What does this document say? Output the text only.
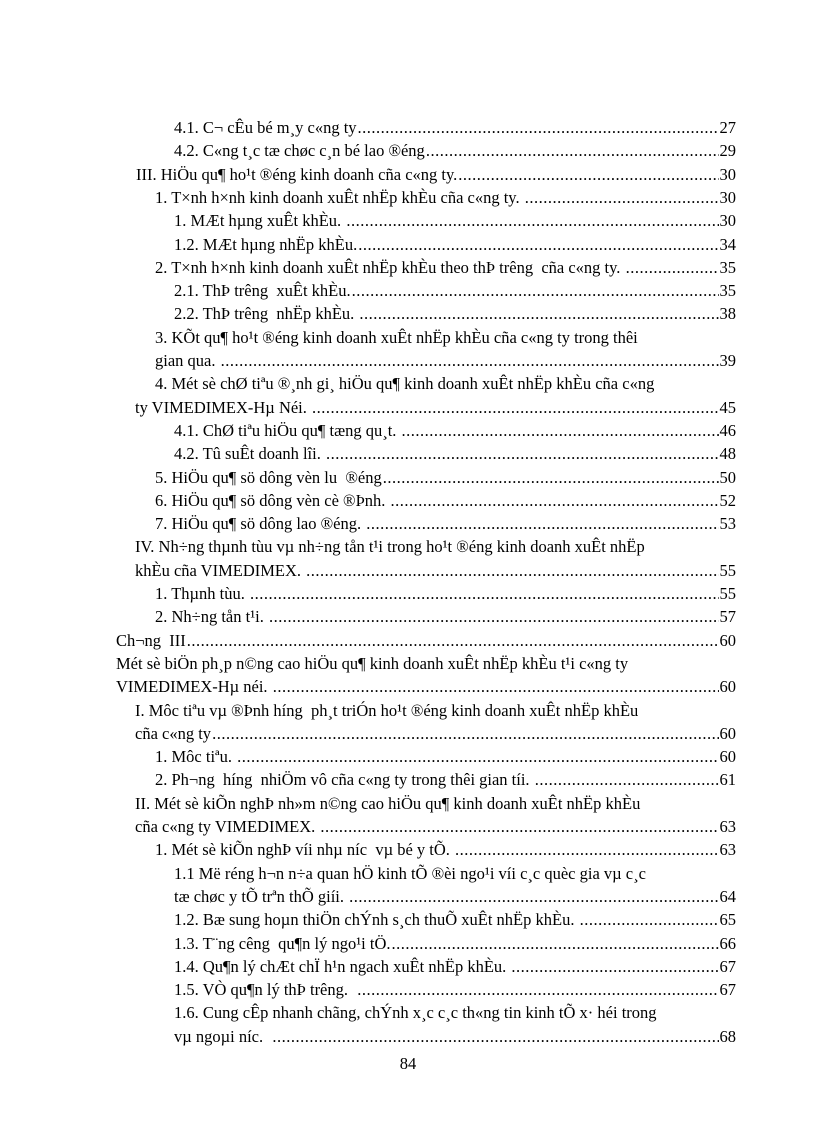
4.1. C¬ cÊu bé m¸y c«ng ty .....	27
4.2. C«ng t¸c tæ chøc c¸n bé lao ®éng .....	29
III. HiÖu qu¶ ho¹t ®éng kinh doanh cña c«ng ty. .....	30
1. T×nh h×nh kinh doanh xuÊt nhËp khÈu cña c«ng ty. .....	30
1. MÆt hµng xuÊt khÈu. .....	30
1.2. MÆt hµng nhËp khÈu. .....	34
2. T×nh h×nh kinh doanh xuÊt nhËp khÈu theo thÞ trêng  cña c«ng ty. .....	35
2.1. ThÞ trêng  xuÊt khÈu. .....	35
2.2. ThÞ trêng  nhËp khÈu. .....	38
3. KÕt qu¶ ho¹t ®éng kinh doanh xuÊt nhËp khÈu cña c«ng ty trong thêi
gian qua. .....	39
4. Mét sè chØ tiªu ®¸nh gi¸ hiÖu qu¶ kinh doanh xuÊt nhËp khÈu cña c«ng
ty VIMEDIMEX-Hµ Néi. .....	45
4.1. ChØ tiªu hiÖu qu¶ tæng qu¸t. .....	46
4.2. Tû suÊt doanh lîi. .....	48
5. HiÖu qu¶ sö dông vèn lu  ®éng .....	50
6. HiÖu qu¶ sö dông vèn cè ®Þnh. .....	52
7. HiÖu qu¶ sö dông lao ®éng. .....	53
IV. Nh÷ng thµnh tùu vµ nh÷ng tån t¹i trong ho¹t ®éng kinh doanh xuÊt nhËp
khÈu cña VIMEDIMEX. .....	55
1. Thµnh tùu. .....	55
2. Nh÷ng tån t¹i. .....	57
Ch¬ng  III .....	60
Mét sè biÖn ph¸p n©ng cao hiÖu qu¶ kinh doanh xuÊt nhËp khÈu t¹i c«ng ty
VIMEDIMEX-Hµ néi. .....	60
I. Môc tiªu vµ ®Þnh híng  ph¸t triÓn ho¹t ®éng kinh doanh xuÊt nhËp khÈu
cña c«ng ty .....	60
1. Môc tiªu. .....	60
2. Ph¬ng  híng  nhiÖm vô cña c«ng ty trong thêi gian tíi. .....	61
II. Mét sè kiÕn nghÞ nh»m n©ng cao hiÖu qu¶ kinh doanh xuÊt nhËp khÈu
cña c«ng ty VIMEDIMEX. .....	63
1. Mét sè kiÕn nghÞ víi nhµ níc  vµ bé y tÕ. .....	63
1.1 Më réng h¬n n÷a quan hÖ kinh tÕ ®èi ngo¹i víi c¸c quèc gia vµ c¸c
tæ chøc y tÕ trªn thÕ giíi. .....	64
1.2. Bæ sung hoµn thiÖn chÝnh s¸ch thuÕ xuÊt nhËp khÈu. .....	65
1.3. T¨ng cêng  qu¶n lý ngo¹i tÖ. .....	66
1.4. Qu¶n lý chÆt chÏ h¹n ngach xuÊt nhËp khÈu. .....	67
1.5. VÒ qu¶n lý thÞ trêng. .....	67
1.6. Cung cÊp nhanh chãng, chÝnh x¸c c¸c th«ng tin kinh tÕ x· héi trong
vµ ngoµi níc. .....	68
84
